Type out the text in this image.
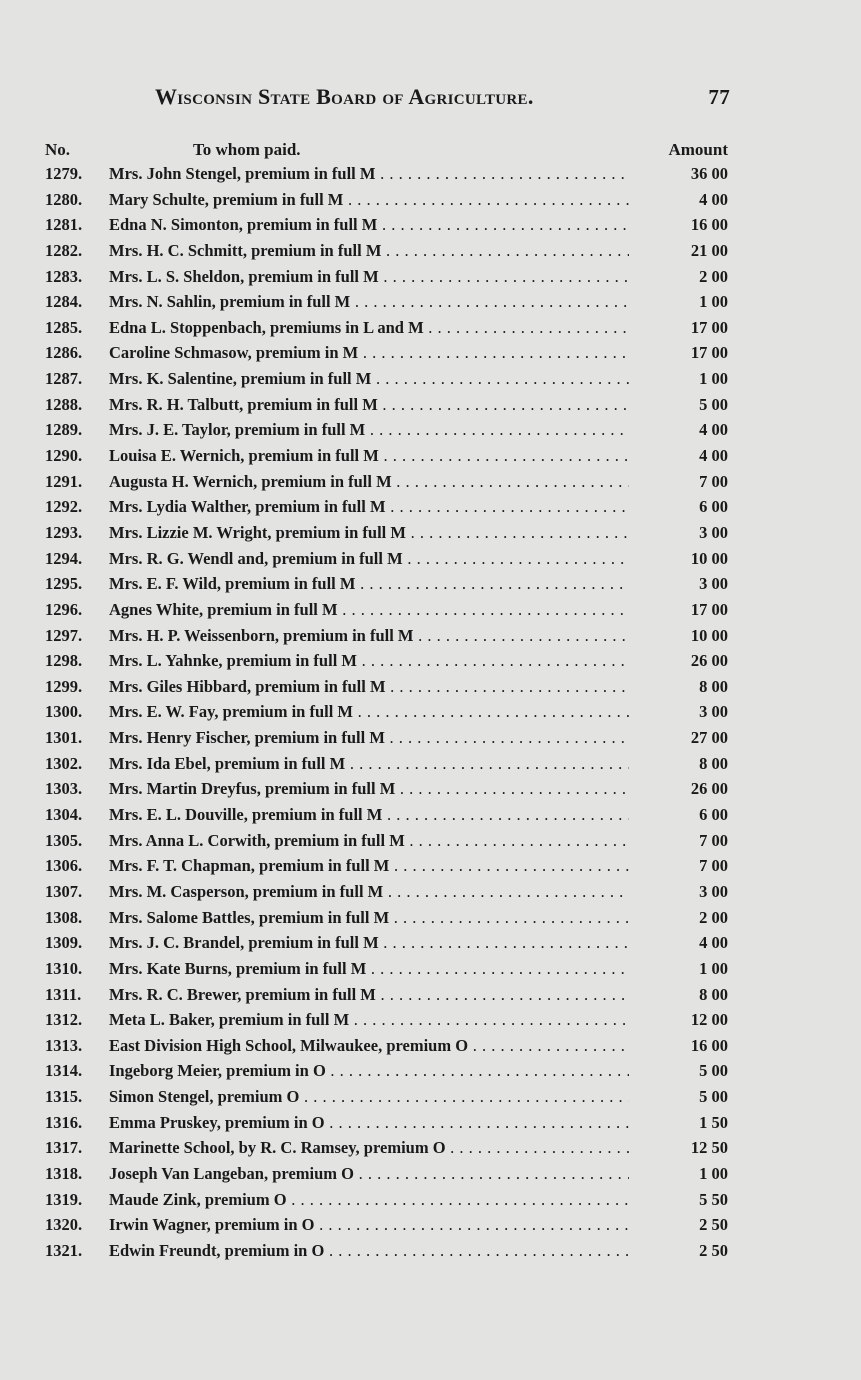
Wisconsin State Board of Agriculture.	77
No.	To whom paid.	Amount
1279.	Mrs. John Stengel, premium in full M . . .	36 00
1280.	Mary Schulte, premium in full M . . .	4 00
1281.	Edna N. Simonton, premium in full M . . .	16 00
1282.	Mrs. H. C. Schmitt, premium in full M . . .	21 00
1283.	Mrs. L. S. Sheldon, premium in full M . . .	2 00
1284.	Mrs. N. Sahlin, premium in full M . . .	1 00
1285.	Edna L. Stoppenbach, premiums in L and M . . .	17 00
1286.	Caroline Schmasow, premium in M . . .	17 00
1287.	Mrs. K. Salentine, premium in full M . . .	1 00
1288.	Mrs. R. H. Talbutt, premium in full M . . .	5 00
1289.	Mrs. J. E. Taylor, premium in full M . . .	4 00
1290.	Louisa E. Wernich, premium in full M . . .	4 00
1291.	Augusta H. Wernich, premium in full M . . .	7 00
1292.	Mrs. Lydia Walther, premium in full M . . .	6 00
1293.	Mrs. Lizzie M. Wright, premium in full M . . .	3 00
1294.	Mrs. R. G. Wendl and, premium in full M . . .	10 00
1295.	Mrs. E. F. Wild, premium in full M . . .	3 00
1296.	Agnes White, premium in full M . . .	17 00
1297.	Mrs. H. P. Weissenborn, premium in full M . . .	10 00
1298.	Mrs. L. Yahnke, premium in full M . . .	26 00
1299.	Mrs. Giles Hibbard, premium in full M . . .	8 00
1300.	Mrs. E. W. Fay, premium in full M . . .	3 00
1301.	Mrs. Henry Fischer, premium in full M . . .	27 00
1302.	Mrs. Ida Ebel, premium in full M . . .	8 00
1303.	Mrs. Martin Dreyfus, premium in full M . . .	26 00
1304.	Mrs. E. L. Douville, premium in full M . . .	6 00
1305.	Mrs. Anna L. Corwith, premium in full M . . .	7 00
1306.	Mrs. F. T. Chapman, premium in full M . . .	7 00
1307.	Mrs. M. Casperson, premium in full M . . .	3 00
1308.	Mrs. Salome Battles, premium in full M . . .	2 00
1309.	Mrs. J. C. Brandel, premium in full M . . .	4 00
1310.	Mrs. Kate Burns, premium in full M . . .	1 00
1311.	Mrs. R. C. Brewer, premium in full M . . .	8 00
1312.	Meta L. Baker, premium in full M . . .	12 00
1313.	East Division High School, Milwaukee, premium O . . .	16 00
1314.	Ingeborg Meier, premium in O . . .	5 00
1315.	Simon Stengel, premium O . . .	5 00
1316.	Emma Pruskey, premium in O . . .	1 50
1317.	Marinette School, by R. C. Ramsey, premium O . . .	12 50
1318.	Joseph Van Langeban, premium O . . .	1 00
1319.	Maude Zink, premium O . . .	5 50
1320.	Irwin Wagner, premium in O . . .	2 50
1321.	Edwin Freundt, premium in O . . .	2 50
